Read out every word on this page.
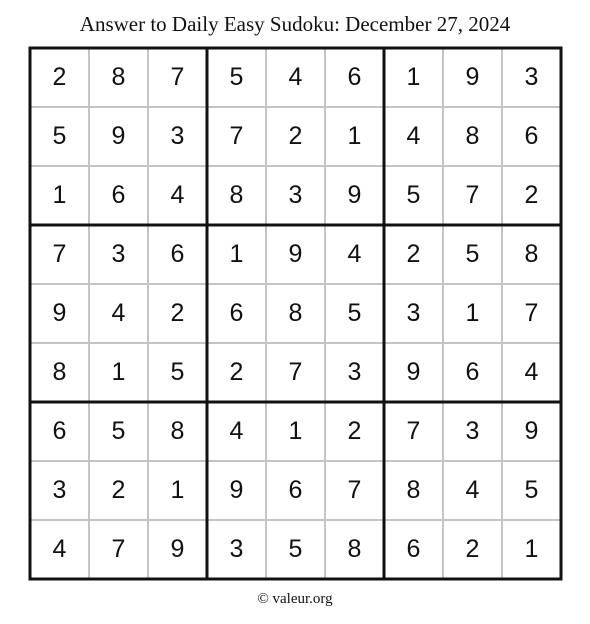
Answer to Daily Easy Sudoku: December 27, 2024
2	8	7	5	4	6	1	9	3
5	9	3	7	2	1	4	8	6
1	6	4	8	3	9	5	7	2
7	3	6	1	9	4	2	5	8
9	4	2	6	8	5	3	1	7
8	1	5	2	7	3	9	6	4
6	5	8	4	1	2	7	3	9
3	2	1	9	6	7	8	4	5
4	7	9	3	5	8	6	2	1
© valeur.org
